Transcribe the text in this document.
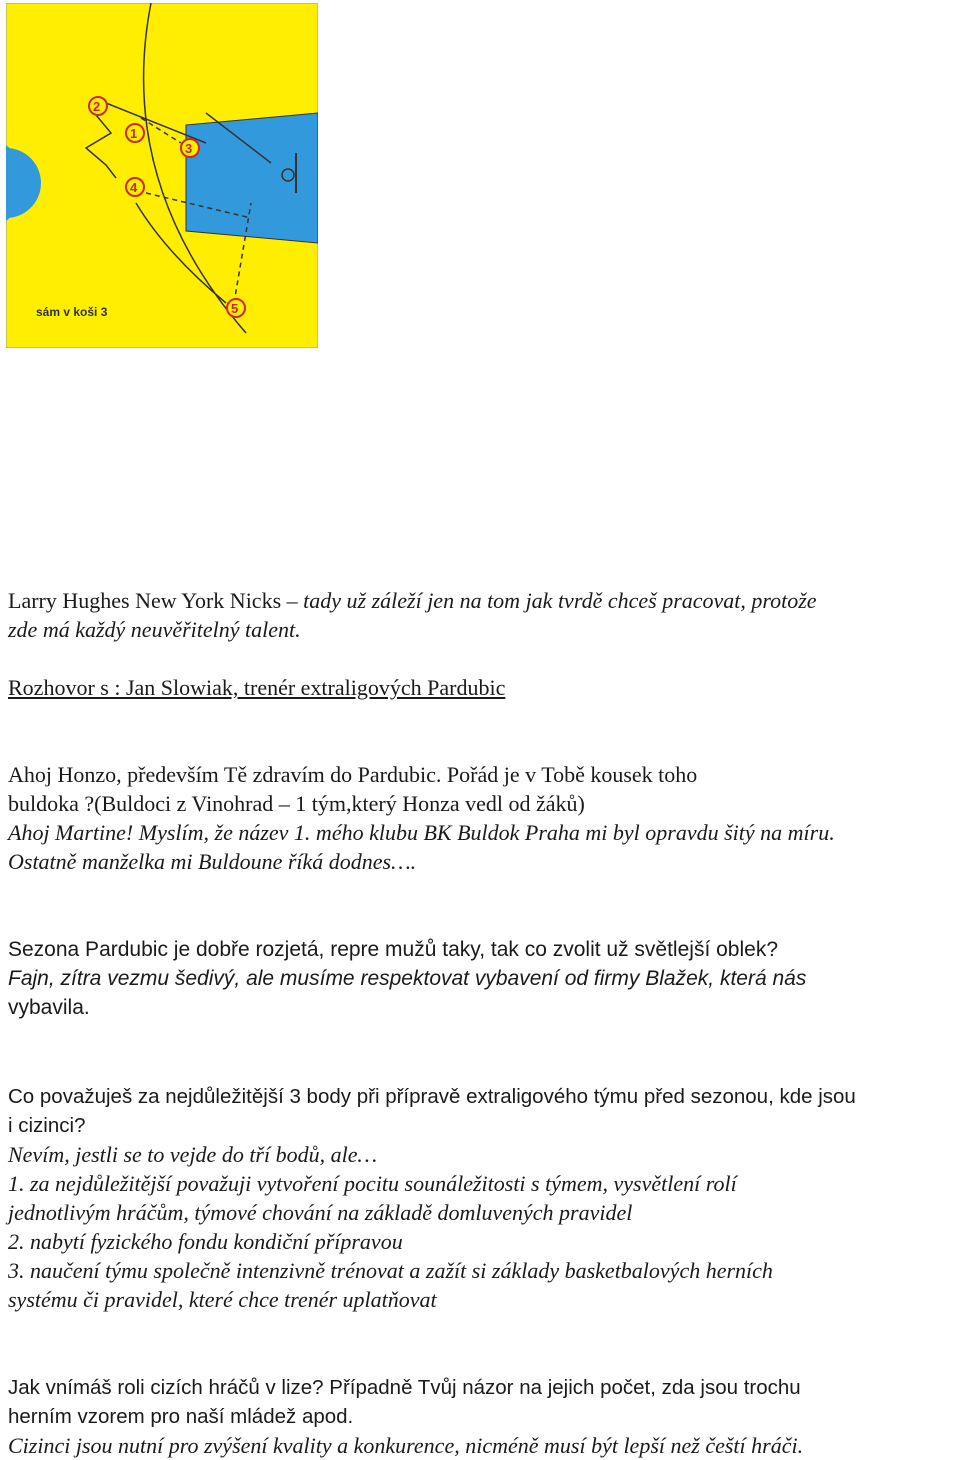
2
1
3
4
5
sám v koši 3
Larry Hughes New York Nicks – tady už záleží jen na tom jak tvrdě chceš pracovat, protože
zde má každý neuvěřitelný talent.
Rozhovor s : Jan Slowiak, trenér extraligových Pardubic
Ahoj Honzo, především Tě zdravím do Pardubic. Pořád je v Tobě kousek toho
buldoka ?(Buldoci z Vinohrad – 1 tým,který Honza vedl od žáků)
Ahoj Martine! Myslím, že název 1. mého klubu BK Buldok Praha mi byl opravdu šitý na míru.
Ostatně manželka mi Buldoune říká dodnes….
Sezona Pardubic je dobře rozjetá, repre mužů taky, tak co zvolit už světlejší oblek?
Fajn, zítra vezmu šedivý, ale musíme respektovat vybavení od firmy Blažek, která nás
vybavila.
Co považuješ za nejdůležitější 3 body při přípravě extraligového týmu před sezonou, kde jsou
i cizinci?
Nevím, jestli se to vejde do tří bodů, ale…
1. za nejdůležitější považuji vytvoření pocitu sounáležitosti s týmem, vysvětlení rolí
jednotlivým hráčům, týmové chování na základě domluvených pravidel
2. nabytí fyzického fondu kondiční přípravou
3. naučení týmu společně intenzivně trénovat a zažít si základy basketbalových herních
systému či pravidel, které chce trenér uplatňovat
Jak vnímáš roli cizích hráčů v lize? Případně Tvůj názor na jejich počet, zda jsou trochu
herním vzorem pro naší mládež apod.
Cizinci jsou nutní pro zvýšení kvality a konkurence, nicméně musí být lepší než čeští hráči.
